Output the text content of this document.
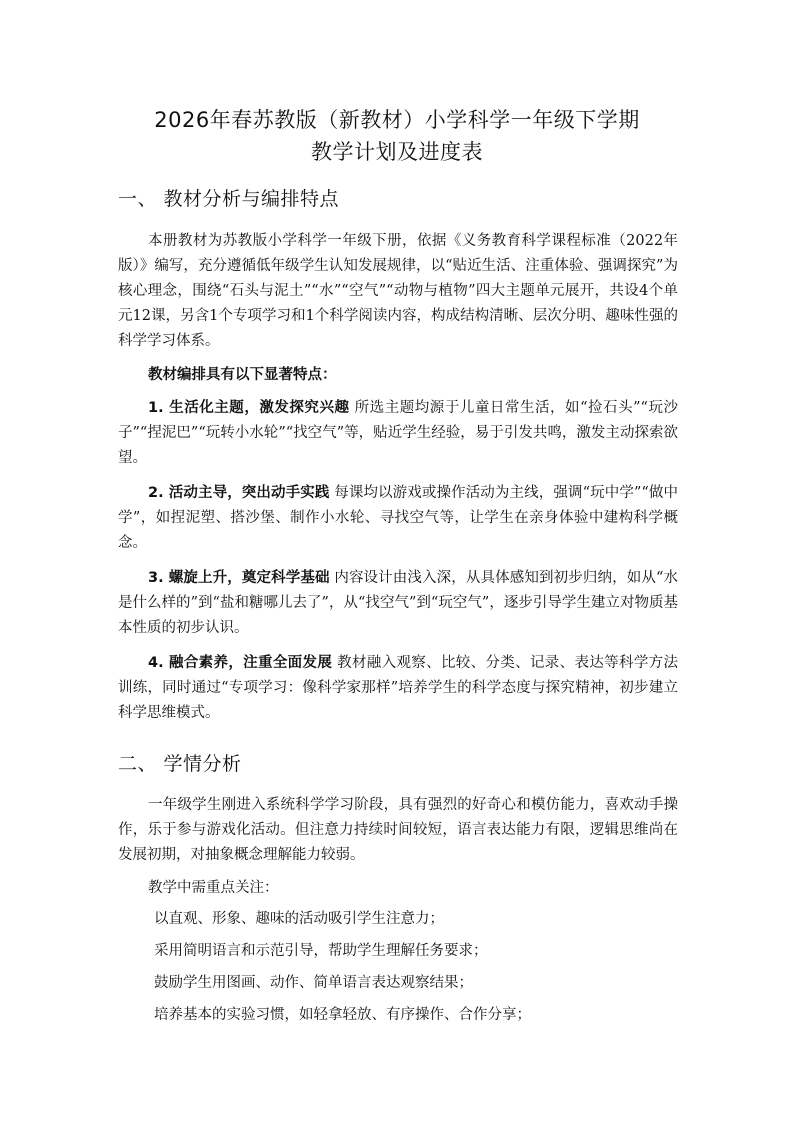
2026年春苏教版（新教材）小学科学一年级下学期
教学计划及进度表
一、 教材分析与编排特点

本册教材为苏教版小学科学一年级下册，依据《义务教育科学课程标准（2022年版）》编写，充分遵循低年级学生认知发展规律，以“贴近生活、注重体验、强调探究”为核心理念，围绕“石头与泥土”“水”“空气”“动物与植物”四大主题单元展开，共设4个单元12课，另含1个专项学习和1个科学阅读内容，构成结构清晰、层次分明、趣味性强的科学学习体系。

教材编排具有以下显著特点：

1. 生活化主题，激发探究兴趣 所选主题均源于儿童日常生活，如“捡石头”“玩沙子”“捏泥巴”“玩转小水轮”“找空气”等，贴近学生经验，易于引发共鸣，激发主动探索欲望。

2. 活动主导，突出动手实践 每课均以游戏或操作活动为主线，强调“玩中学”“做中学”，如捏泥塑、搭沙堡、制作小水轮、寻找空气等，让学生在亲身体验中建构科学概念。

3. 螺旋上升，奠定科学基础 内容设计由浅入深，从具体感知到初步归纳，如从“水是什么样的”到“盐和糖哪儿去了”，从“找空气”到“玩空气”，逐步引导学生建立对物质基本性质的初步认识。

4. 融合素养，注重全面发展 教材融入观察、比较、分类、记录、表达等科学方法训练，同时通过“专项学习：像科学家那样”培养学生的科学态度与探究精神，初步建立科学思维模式。

二、 学情分析

一年级学生刚进入系统科学学习阶段，具有强烈的好奇心和模仿能力，喜欢动手操作，乐于参与游戏化活动。但注意力持续时间较短，语言表达能力有限，逻辑思维尚在发展初期，对抽象概念理解能力较弱。

教学中需重点关注：

以直观、形象、趣味的活动吸引学生注意力；

采用简明语言和示范引导，帮助学生理解任务要求；

鼓励学生用图画、动作、简单语言表达观察结果；

培养基本的实验习惯，如轻拿轻放、有序操作、合作分享；
